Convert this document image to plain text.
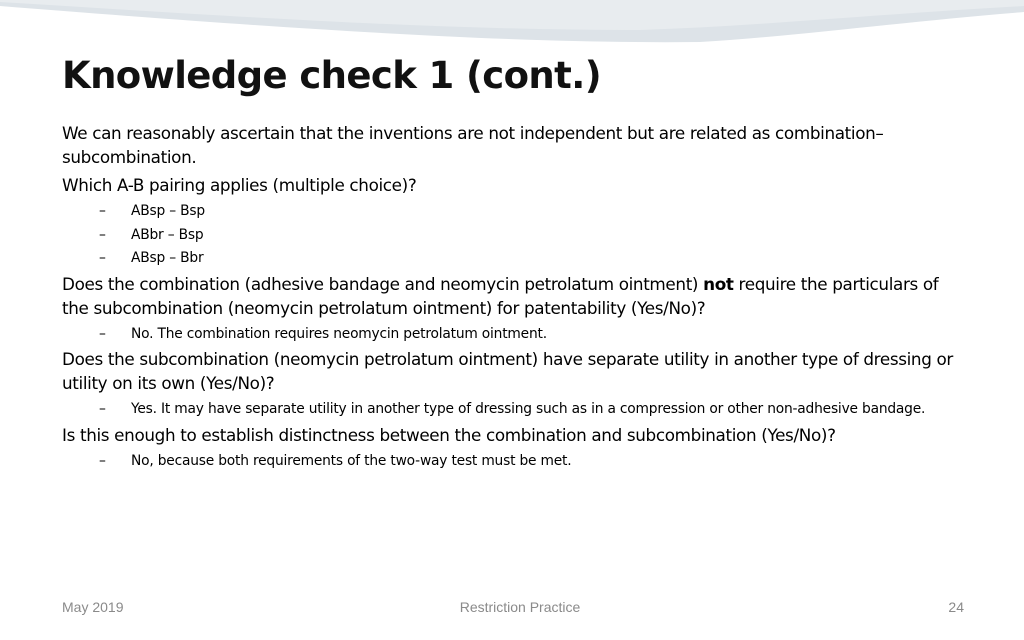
Knowledge check 1 (cont.)

We can reasonably ascertain that the inventions are not independent but are related as combination–subcombination.

Which A-B pairing applies (multiple choice)?

– ABsp – Bsp

– ABbr – Bsp

– ABsp – Bbr

Does the combination (adhesive bandage and neomycin petrolatum ointment) not require the particulars of the subcombination (neomycin petrolatum ointment) for patentability (Yes/No)?

– No. The combination requires neomycin petrolatum ointment.

Does the subcombination (neomycin petrolatum ointment) have separate utility in another type of dressing or utility on its own (Yes/No)?

– Yes. It may have separate utility in another type of dressing such as in a compression or other non-adhesive bandage.

Is this enough to establish distinctness between the combination and subcombination (Yes/No)?

– No, because both requirements of the two-way test must be met.

May 2019	Restriction Practice	24
